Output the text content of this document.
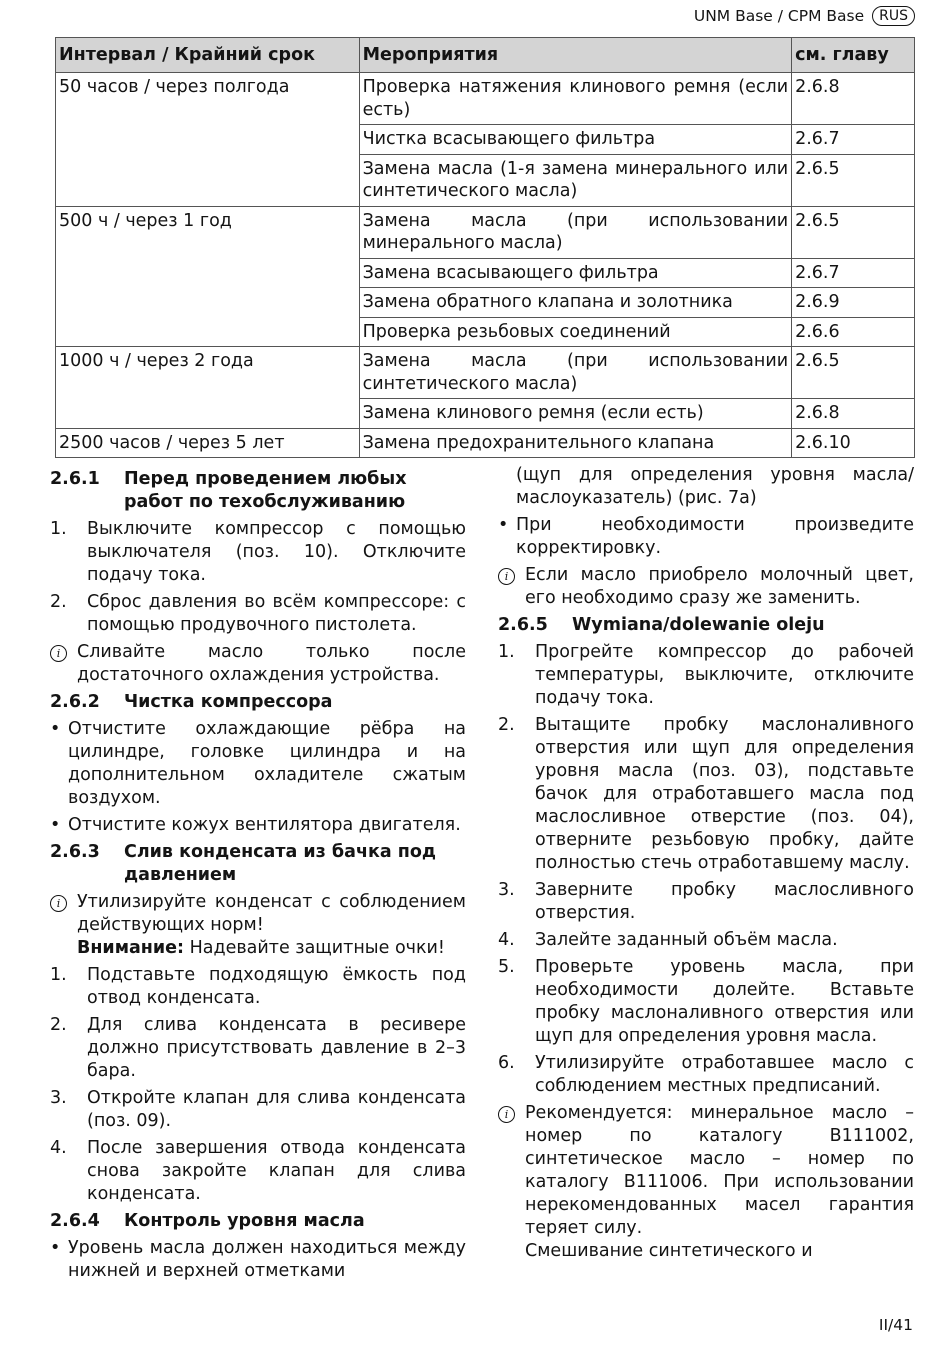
UNM Base / CPM Base	RUS
Интервал / Крайний срок	Мероприятия	см. главу
50 часов / через полгода	Проверка натяжения клинового ремня (если есть)	2.6.8
	Чистка всасывающего фильтра	2.6.7
	Замена масла (1-я замена минерального или синтетического масла)	2.6.5
500 ч / через 1 год	Замена масла (при использовании минерального масла)	2.6.5
	Замена всасывающего фильтра	2.6.7
	Замена обратного клапана и золотника	2.6.9
	Проверка резьбовых соединений	2.6.6
1000 ч / через 2 года	Замена масла (при использовании синтетического масла)	2.6.5
	Замена клинового ремня (если есть)	2.6.8
2500 часов / через 5 лет	Замена предохранительного клапана	2.6.10
2.6.1	Перед проведением любых работ по техобслуживанию
1.	Выключите компрессор с помощью выключателя (поз. 10). Отключите подачу тока.
2.	Сброс давления во всём компрессоре: с помощью продувочного пистолета.
i Сливайте масло только после достаточного охлаждения устройства.
2.6.2	Чистка компрессора
• Отчистите охлаждающие рёбра на цилиндре, головке цилиндра и на дополнительном охладителе сжатым воздухом.
• Отчистите кожух вентилятора двигателя.
2.6.3	Слив конденсата из бачка под давлением
i Утилизируйте конденсат с соблюдением действующих норм!
Внимание: Надевайте защитные очки!
1.	Подставьте подходящую ёмкость под отвод конденсата.
2.	Для слива конденсата в ресивере должно присутствовать давление в 2–3 бара.
3.	Откройте клапан для слива конденсата (поз. 09).
4.	После завершения отвода конденсата снова закройте клапан для слива конденсата.
2.6.4	Контроль уровня масла
• Уровень масла должен находиться между нижней и верхней отметками
(щуп для определения уровня масла/ маслоуказатель) (рис. 7a)
• При необходимости произведите корректировку.
i Если масло приобрело молочный цвет, его необходимо сразу же заменить.
2.6.5	Wymiana/dolewanie oleju
1.	Прогрейте компрессор до рабочей температуры, выключите, отключите подачу тока.
2.	Вытащите пробку маслоналивного отверстия или щуп для определения уровня масла (поз. 03), подставьте бачок для отработавшего масла под маслосливное отверстие (поз. 04), отверните резьбовую пробку, дайте полностью стечь отработавшему маслу.
3.	Заверните пробку маслосливного отверстия.
4.	Залейте заданный объём масла.
5.	Проверьте уровень масла, при необходимости долейте. Вставьте пробку маслоналивного отверстия или щуп для определения уровня масла.
6.	Утилизируйте отработавшее масло с соблюдением местных предписаний.
i Рекомендуется: минеральное масло – номер по каталогу B111002, синтетическое масло – номер по каталогу B111006. При использовании нерекомендованных масел гарантия теряет силу.
Смешивание синтетического и
II/41
